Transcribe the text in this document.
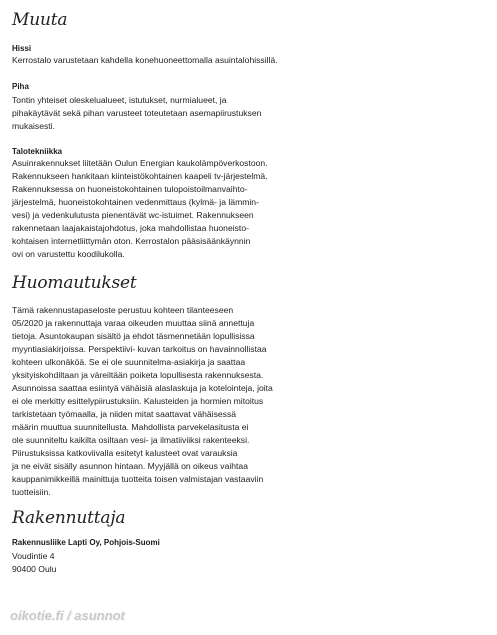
Muuta
Hissi
Kerrostalo varustetaan kahdella konehuoneettomalla asuintalohissillä.
Piha
Tontin yhteiset oleskelualueet, istutukset, nurmialueet, ja
pihakäytävät sekä pihan varusteet toteutetaan asemapiirustuksen
mukaisesti.
Talotekniikka
Asuinrakennukset liitetään Oulun Energian kaukolämpöverkostoon.
Rakennukseen hankitaan kiinteistökohtainen kaapeli tv-järjestelmä.
Rakennuksessa on huoneistokohtainen tulopoistoilmanvaihto-
järjestelmä, huoneistokohtainen vedenmittaus (kylmä- ja lämmin-
vesi) ja vedenkulutusta pienentävät wc-istuimet. Rakennukseen
rakennetaan laajakaistajohdotus, joka mahdollistaa huoneisto-
kohtaisen internetliittymän oton. Kerrostalon pääsisäänkäynnin
ovi on varustettu koodilukolla.
Huomautukset
Tämä rakennustapaseloste perustuu kohteen tilanteeseen
05/2020 ja rakennuttaja varaa oikeuden muuttaa siinä annettuja
tietoja. Asuntokaupan sisältö ja ehdot täsmennetään lopullisissa
myyntiasiakirjoissa. Perspektiivi- kuvan tarkoitus on havainnollistaa
kohteen ulkonäköä. Se ei ole suunnitelma-asiakirja ja saattaa
yksityiskohdiltaan ja väreiltään poiketa lopullisesta rakennuksesta.
Asunnoissa saattaa esiintyä vähäisiä alaslaskuja ja kotelointeja, joita
ei ole merkitty esittelypiirustuksiin. Kalusteiden ja hormien mitoitus
tarkistetaan työmaalla, ja niiden mitat saattavat vähäisessä
määrin muuttua suunnitellusta. Mahdollista parvekelasitusta ei
ole suunniteltu kaikilta osiltaan vesi- ja ilmatiiviiksi rakenteeksi.
Piirustuksissa katkoviivalla esitetyt kalusteet ovat varauksia
ja ne eivät sisälly asunnon hintaan. Myyjällä on oikeus vaihtaa
kauppanimikkeillä mainittuja tuotteita toisen valmistajan vastaaviin
tuotteisiin.
Rakennuttaja
Rakennusliike Lapti Oy, Pohjois-Suomi
Voudintie 4
90400 Oulu
oikotie.fi / asunnot
